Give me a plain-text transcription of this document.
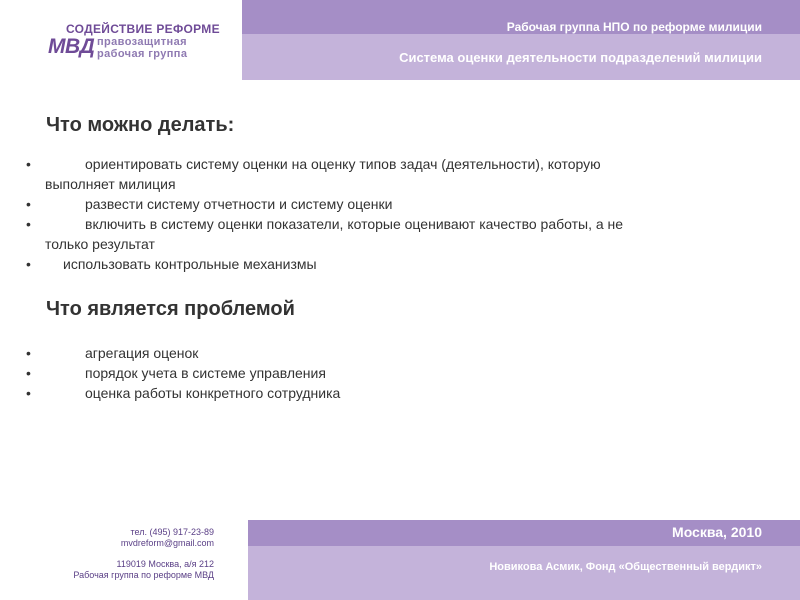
СОДЕЙСТВИЕ РЕФОРМЕ
МВД правозащитная
рабочая группа
Рабочая группа НПО по реформе милиции
Система оценки деятельности подразделений милиции
Что можно делать:
• ориентировать систему оценки на оценку типов задач (деятельности), которую
выполняет милиция
• развести систему отчетности и систему оценки
• включить в систему оценки показатели, которые оценивают качество работы, а не
только результат
• использовать контрольные механизмы
Что является проблемой
• агрегация оценок
• порядок учета в системе управления
• оценка работы конкретного сотрудника
тел. (495) 917-23-89
mvdreform@gmail.com
119019 Москва, а/я 212
Рабочая группа по реформе МВД
Москва, 2010
Новикова Асмик, Фонд «Общественный вердикт»
